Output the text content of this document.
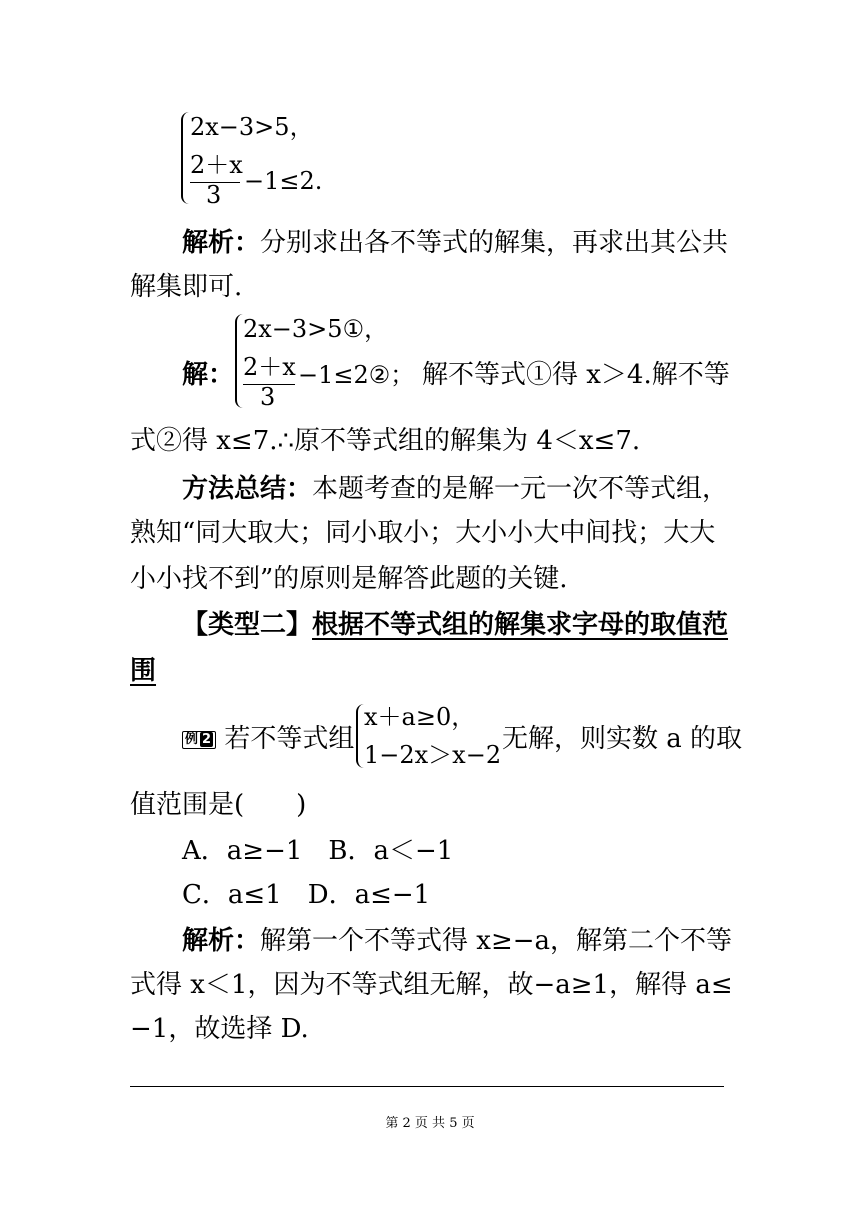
2x−3>5，
2＋x
3 −1≤2.
解析：分别求出各不等式的解集，再求出其公共
解集即可.
解：
2x−3>5①，
2＋x
3
−1≤2②； 解不等式①得 x＞4.解不等
式②得 x≤7.∴原不等式组的解集为 4＜x≤7.
方法总结：本题考查的是解一元一次不等式组，
熟知“同大取大；同小取小；大小小大中间找；大大
小小找不到”的原则是解答此题的关键.
【类型二】根据不等式组的解集求字母的取值范
围
例 2 若不等式组
x＋a≥0，
1−2x＞x−2
无解，则实数 a 的取
值范围是(　　)
A．a≥−1　B．a＜−1
C．a≤1　D．a≤−1
解析：解第一个不等式得 x≥−a，解第二个不等
式得 x＜1，因为不等式组无解，故−a≥1，解得 a≤
−1，故选择 D.
第 2 页 共 5 页
